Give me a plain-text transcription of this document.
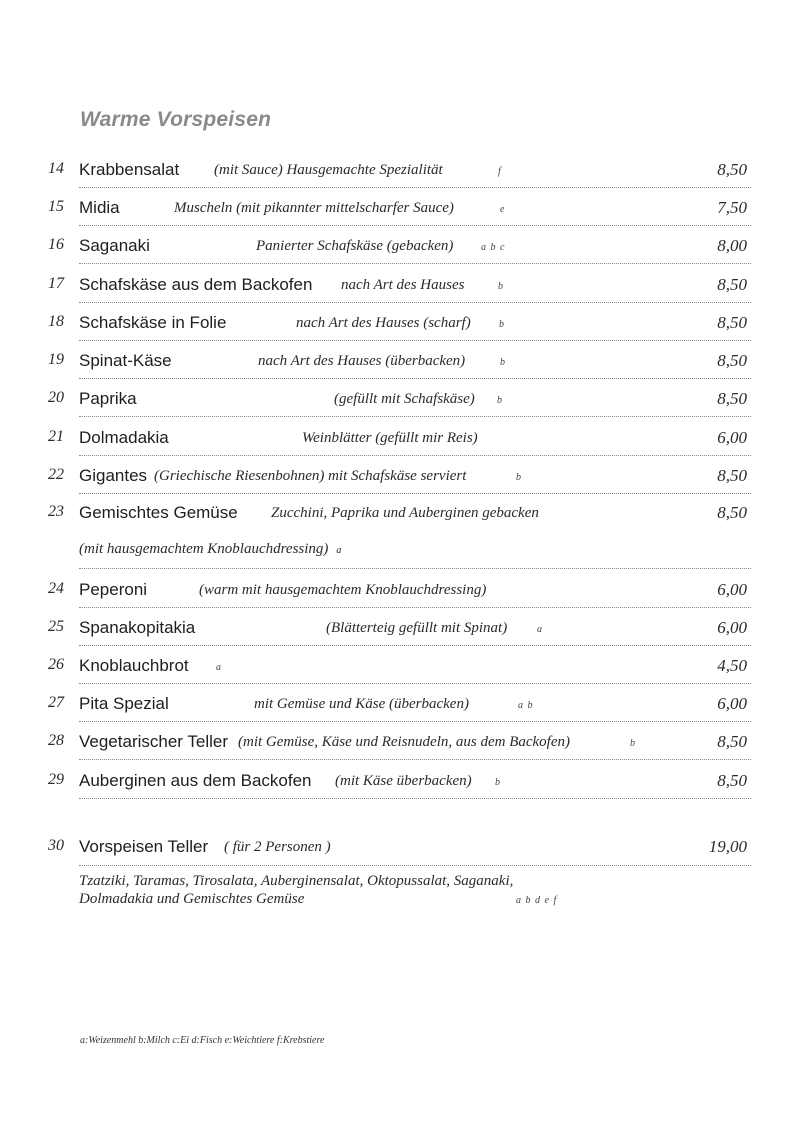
Warme Vorspeisen
14 Krabbensalat (mit Sauce) Hausgemachte Spezialität	f	8,50
15 Midia	Muscheln (mit pikannter mittelscharfer Sauce)	e	7,50
16 Saganaki	Panierter Schafskäse (gebacken)	a b c	8,00
17 Schafskäse aus dem Backofen nach Art des Hauses	b	8,50
18 Schafskäse in Folie	nach Art des Hauses (scharf)	b	8,50
19 Spinat-Käse	nach Art des Hauses (überbacken)	b	8,50
20 Paprika	(gefüllt mit Schafskäse) b	8,50
21 Dolmadakia	Weinblätter (gefüllt mir Reis)	6,00
22 Gigantes (Griechische Riesenbohnen) mit Schafskäse serviert	b	8,50
23 Gemischtes Gemüse Zucchini, Paprika und Auberginen gebacken	8,50
(mit hausgemachtem Knoblauchdressing) a
24 Peperoni	(warm mit hausgemachtem Knoblauchdressing)	6,00
25 Spanakopitakia	(Blätterteig gefüllt mit Spinat)	a	6,00
26 Knoblauchbrot	a	4,50
27 Pita Spezial	mit Gemüse und Käse (überbacken)	a b	6,00
28 Vegetarischer Teller (mit Gemüse, Käse und Reisnudeln, aus dem Backofen)	b	8,50
29 Auberginen aus dem Backofen (mit Käse überbacken) b	8,50
30 Vorspeisen Teller ( für 2 Personen )	19,00
Tzatziki, Taramas, Tirosalata, Auberginensalat, Oktopussalat, Saganaki,
Dolmadakia und Gemischtes Gemüse	a b d e f
a:Weizenmehl b:Milch c:Ei d:Fisch e:Weichtiere f:Krebstiere
